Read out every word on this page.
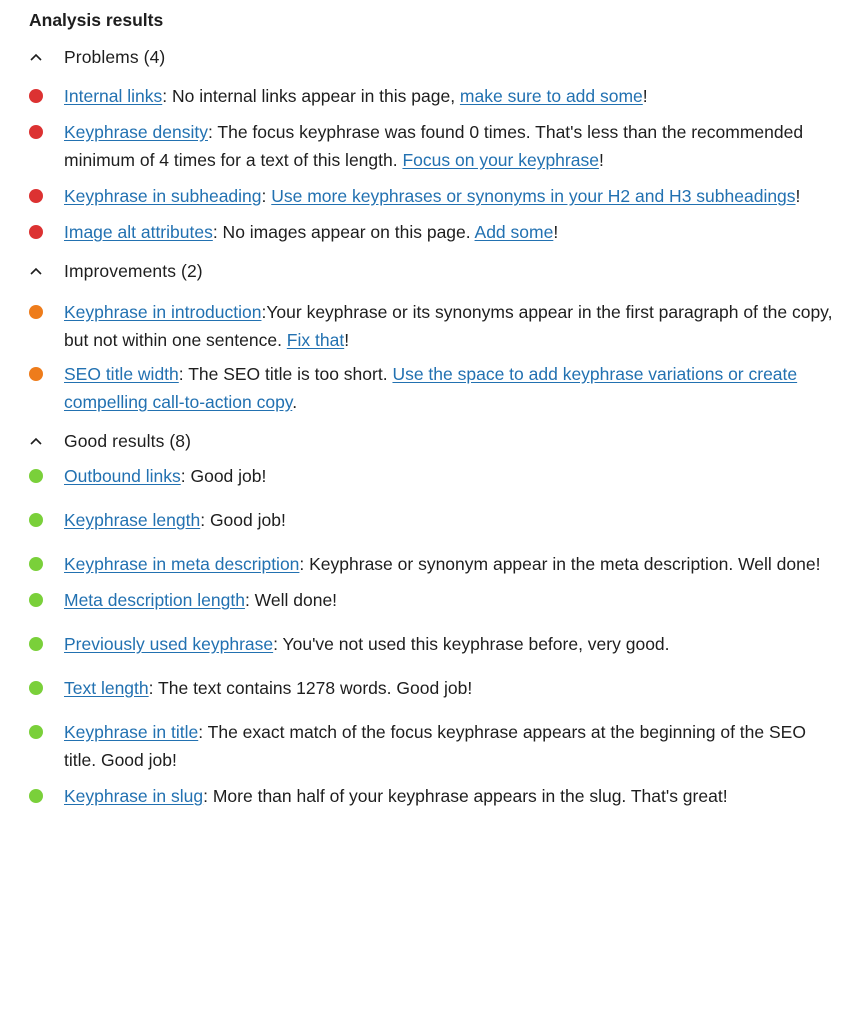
Analysis results
Problems (4)
Internal links: No internal links appear in this page, make sure to add some!
Keyphrase density: The focus keyphrase was found 0 times. That's less than the recommended minimum of 4 times for a text of this length. Focus on your keyphrase!
Keyphrase in subheading: Use more keyphrases or synonyms in your H2 and H3 subheadings!
Image alt attributes: No images appear on this page. Add some!
Improvements (2)
Keyphrase in introduction:Your keyphrase or its synonyms appear in the first paragraph of the copy, but not within one sentence. Fix that!
SEO title width: The SEO title is too short. Use the space to add keyphrase variations or create compelling call-to-action copy.
Good results (8)
Outbound links: Good job!
Keyphrase length: Good job!
Keyphrase in meta description: Keyphrase or synonym appear in the meta description. Well done!
Meta description length: Well done!
Previously used keyphrase: You've not used this keyphrase before, very good.
Text length: The text contains 1278 words. Good job!
Keyphrase in title: The exact match of the focus keyphrase appears at the beginning of the SEO title. Good job!
Keyphrase in slug: More than half of your keyphrase appears in the slug. That's great!
